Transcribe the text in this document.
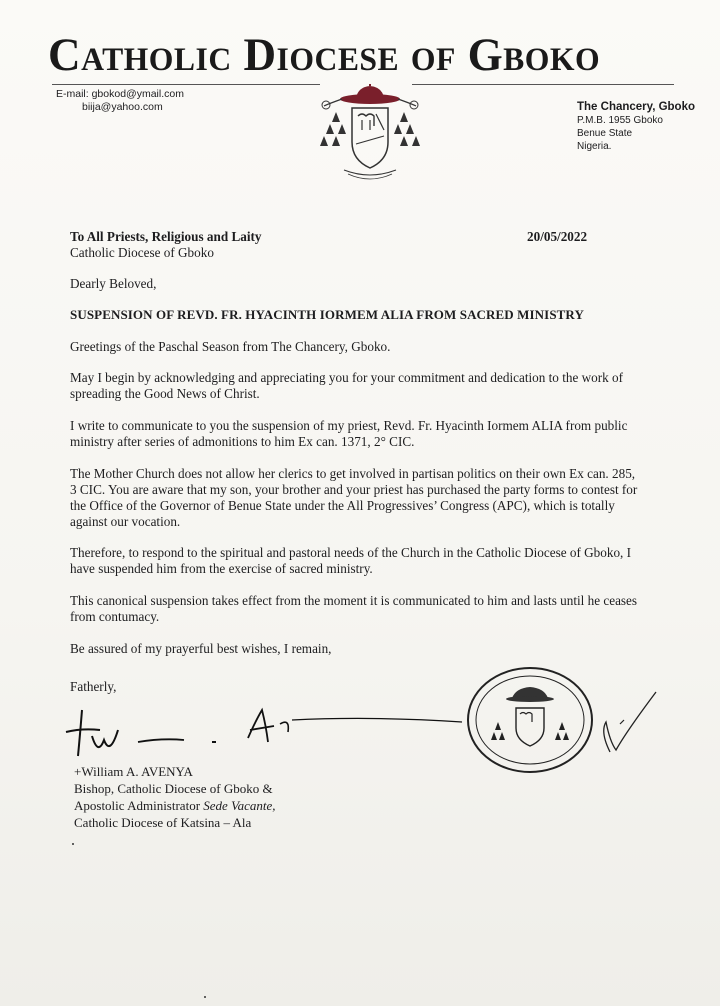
Catholic Diocese of Gboko
E-mail: gbokod@ymail.com
biija@yahoo.com	The Chancery, Gboko
P.M.B. 1955 Gboko
Benue State
Nigeria.
To All Priests, Religious and Laity
Catholic Diocese of Gboko
20/05/2022
Dearly Beloved,
SUSPENSION OF REVD. FR. HYACINTH IORMEM ALIA FROM SACRED MINISTRY
Greetings of the Paschal Season from The Chancery, Gboko.
May I begin by acknowledging and appreciating you for your commitment and dedication to the work of spreading the Good News of Christ.
I write to communicate to you the suspension of my priest, Revd. Fr. Hyacinth Iormem ALIA from public ministry after series of admonitions to him Ex can. 1371, 2° CIC.
The Mother Church does not allow her clerics to get involved in partisan politics on their own Ex can. 285, 3 CIC. You are aware that my son, your brother and your priest has purchased the party forms to contest for the Office of the Governor of Benue State under the All Progressives’ Congress (APC), which is totally against our vocation.
Therefore, to respond to the spiritual and pastoral needs of the Church in the Catholic Diocese of Gboko, I have suspended him from the exercise of sacred ministry.
This canonical suspension takes effect from the moment it is communicated to him and lasts until he ceases from contumacy.
Be assured of my prayerful best wishes, I remain,
Fatherly,
+William A. AVENYA
Bishop, Catholic Diocese of Gboko &
Apostolic Administrator Sede Vacante,
Catholic Diocese of Katsina – Ala
